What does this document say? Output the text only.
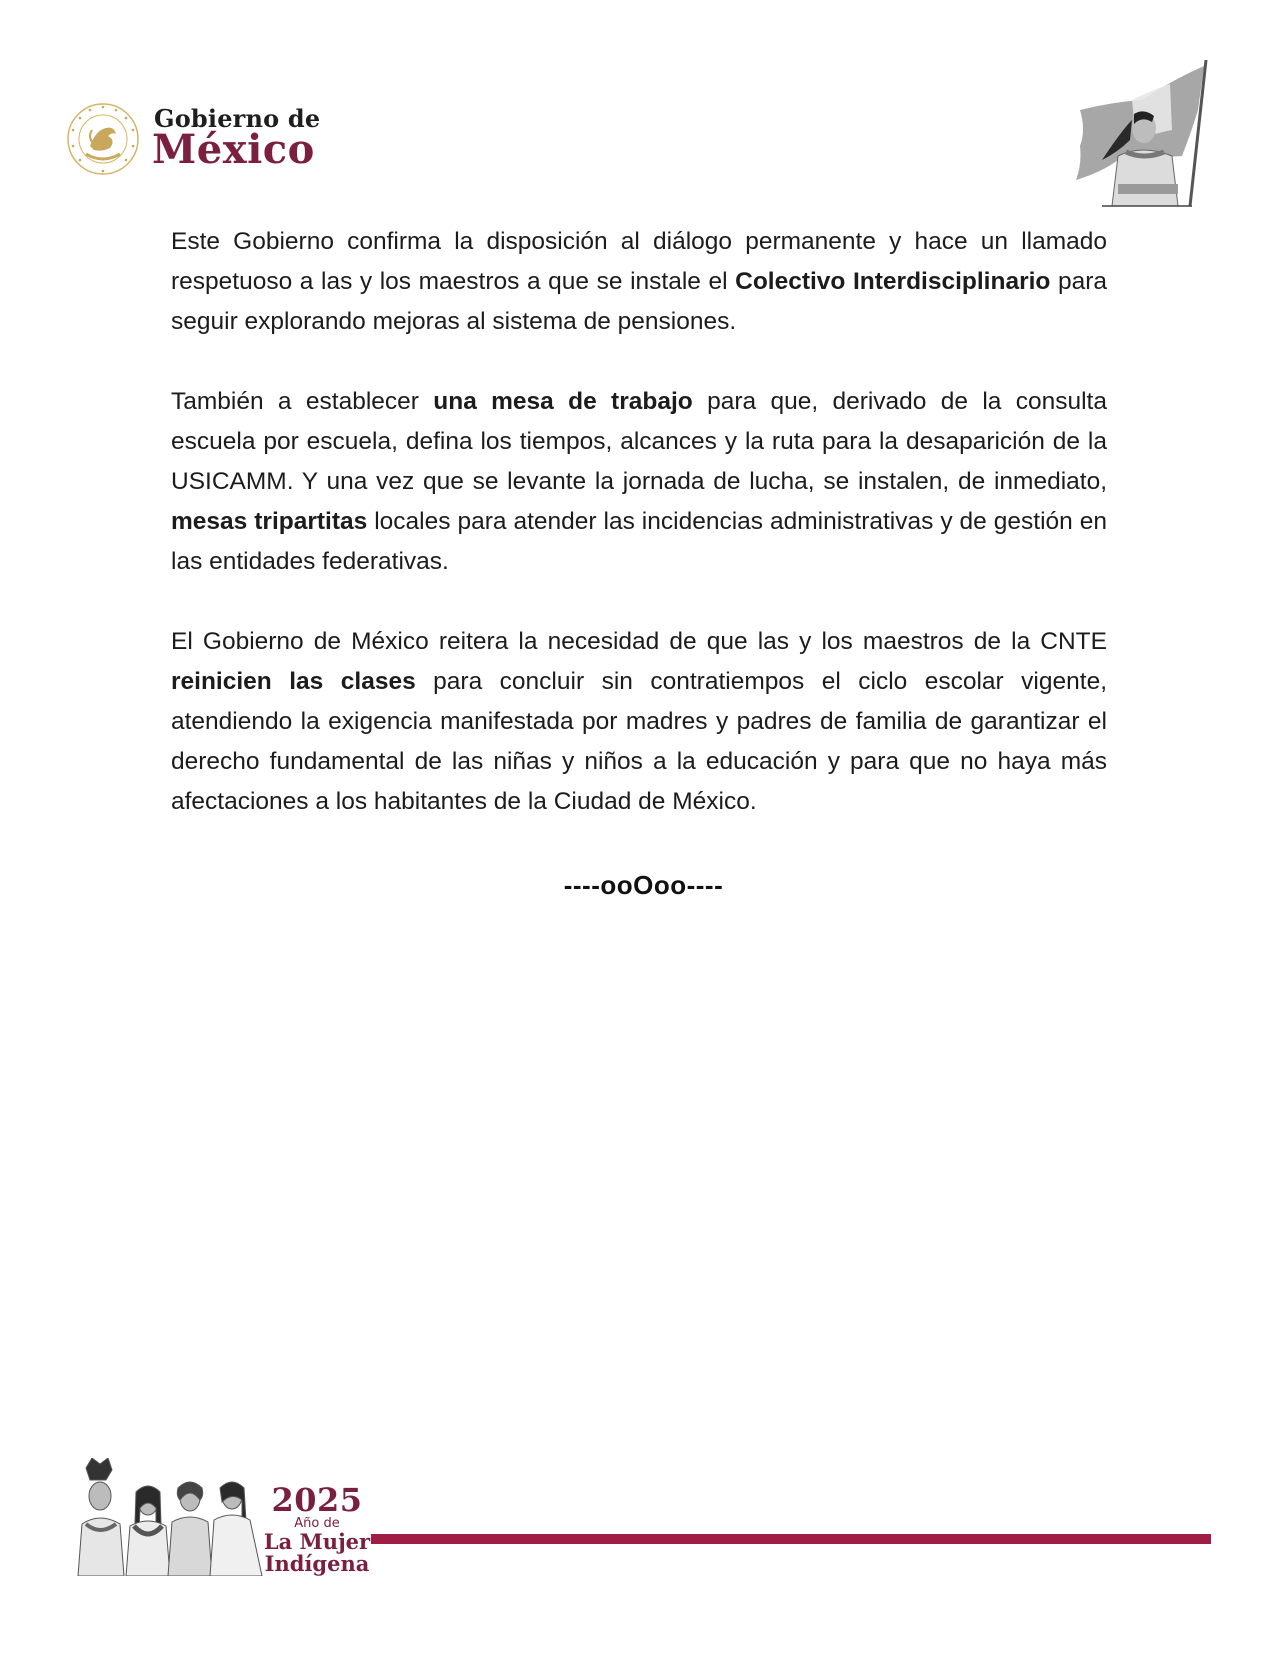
Gobierno de
México

Este Gobierno confirma la disposición al diálogo permanente y hace un llamado respetuoso a las y los maestros a que se instale el Colectivo Interdisciplinario para seguir explorando mejoras al sistema de pensiones.

También a establecer una mesa de trabajo para que, derivado de la consulta escuela por escuela, defina los tiempos, alcances y la ruta para la desaparición de la USICAMM. Y una vez que se levante la jornada de lucha, se instalen, de inmediato, mesas tripartitas locales para atender las incidencias administrativas y de gestión en las entidades federativas.

El Gobierno de México reitera la necesidad de que las y los maestros de la CNTE reinicien las clases para concluir sin contratiempos el ciclo escolar vigente, atendiendo la exigencia manifestada por madres y padres de familia de garantizar el derecho fundamental de las niñas y niños a la educación y para que no haya más afectaciones a los habitantes de la Ciudad de México.

----ooOoo----
2025
Año de
La Mujer
Indígena
